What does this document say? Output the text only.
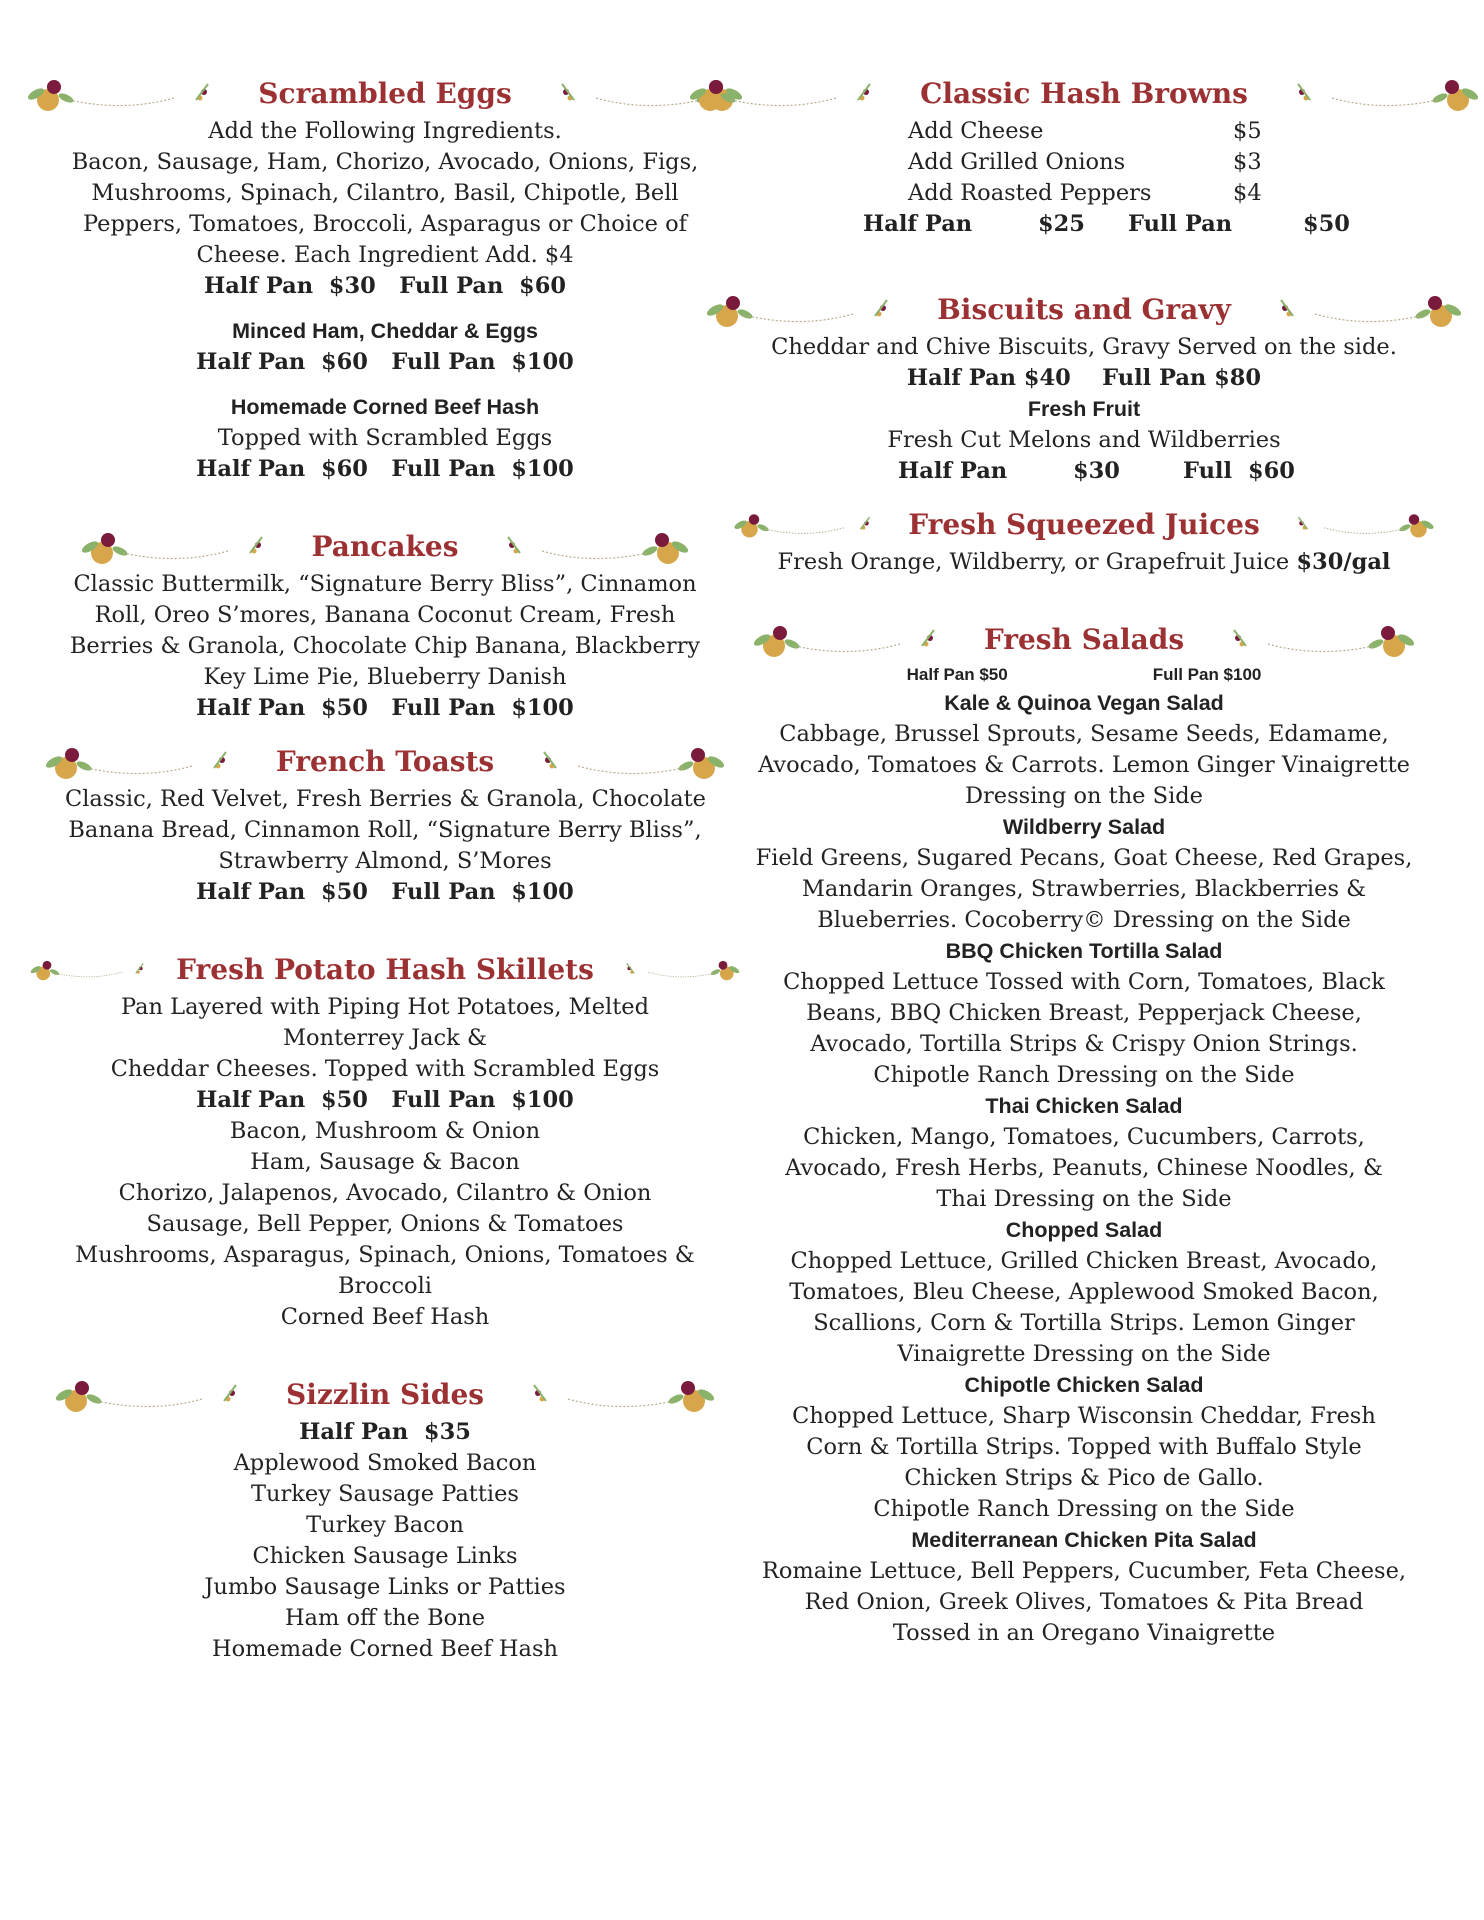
Scrambled Eggs
Add the Following Ingredients.
Bacon, Sausage, Ham, Chorizo, Avocado, Onions, Figs,
Mushrooms, Spinach, Cilantro, Basil, Chipotle, Bell
Peppers, Tomatoes, Broccoli, Asparagus or Choice of
Cheese. Each Ingredient Add. $4
Half Pan  $30   Full Pan  $60
Minced Ham, Cheddar & Eggs
Half Pan  $60   Full Pan  $100
Homemade Corned Beef Hash
Topped with Scrambled Eggs
Half Pan  $60   Full Pan  $100
Pancakes
Classic Buttermilk, “Signature Berry Bliss”, Cinnamon
Roll, Oreo S’mores, Banana Coconut Cream, Fresh
Berries & Granola, Chocolate Chip Banana, Blackberry
Key Lime Pie, Blueberry Danish
Half Pan  $50   Full Pan  $100
French Toasts
Classic, Red Velvet, Fresh Berries & Granola, Chocolate
Banana Bread, Cinnamon Roll, “Signature Berry Bliss”,
Strawberry Almond, S’Mores
Half Pan  $50   Full Pan  $100
Fresh Potato Hash Skillets
Pan Layered with Piping Hot Potatoes, Melted
Monterrey Jack &
Cheddar Cheeses. Topped with Scrambled Eggs
Half Pan  $50   Full Pan  $100
Bacon, Mushroom & Onion
Ham, Sausage & Bacon
Chorizo, Jalapenos, Avocado, Cilantro & Onion
Sausage, Bell Pepper, Onions & Tomatoes
Mushrooms, Asparagus, Spinach, Onions, Tomatoes &
Broccoli
Corned Beef Hash
Sizzlin Sides
Half Pan  $35
Applewood Smoked Bacon
Turkey Sausage Patties
Turkey Bacon
Chicken Sausage Links
Jumbo Sausage Links or Patties
Ham off the Bone
Homemade Corned Beef Hash
Classic Hash Browns
Add Cheese	$5
Add Grilled Onions	$3
Add Roasted Peppers	$4
Half Pan	$25	Full Pan	$50
Biscuits and Gravy
Cheddar and Chive Biscuits, Gravy Served on the side.
Half Pan $40    Full Pan $80
Fresh Fruit
Fresh Cut Melons and Wildberries
Half Pan	$30	Full	$60
Fresh Squeezed Juices
Fresh Orange, Wildberry, or Grapefruit Juice $30/gal
Fresh Salads
Half Pan $50	Full Pan $100
Kale & Quinoa Vegan Salad
Cabbage, Brussel Sprouts, Sesame Seeds, Edamame,
Avocado, Tomatoes & Carrots. Lemon Ginger Vinaigrette
Dressing on the Side
Wildberry Salad
Field Greens, Sugared Pecans, Goat Cheese, Red Grapes,
Mandarin Oranges, Strawberries, Blackberries &
Blueberries. Cocoberry© Dressing on the Side
BBQ Chicken Tortilla Salad
Chopped Lettuce Tossed with Corn, Tomatoes, Black
Beans, BBQ Chicken Breast, Pepperjack Cheese,
Avocado, Tortilla Strips & Crispy Onion Strings.
Chipotle Ranch Dressing on the Side
Thai Chicken Salad
Chicken, Mango, Tomatoes, Cucumbers, Carrots,
Avocado, Fresh Herbs, Peanuts, Chinese Noodles, &
Thai Dressing on the Side
Chopped Salad
Chopped Lettuce, Grilled Chicken Breast, Avocado,
Tomatoes, Bleu Cheese, Applewood Smoked Bacon,
Scallions, Corn & Tortilla Strips. Lemon Ginger
Vinaigrette Dressing on the Side
Chipotle Chicken Salad
Chopped Lettuce, Sharp Wisconsin Cheddar, Fresh
Corn & Tortilla Strips. Topped with Buffalo Style
Chicken Strips & Pico de Gallo.
Chipotle Ranch Dressing on the Side
Mediterranean Chicken Pita Salad
Romaine Lettuce, Bell Peppers, Cucumber, Feta Cheese,
Red Onion, Greek Olives, Tomatoes & Pita Bread
Tossed in an Oregano Vinaigrette
